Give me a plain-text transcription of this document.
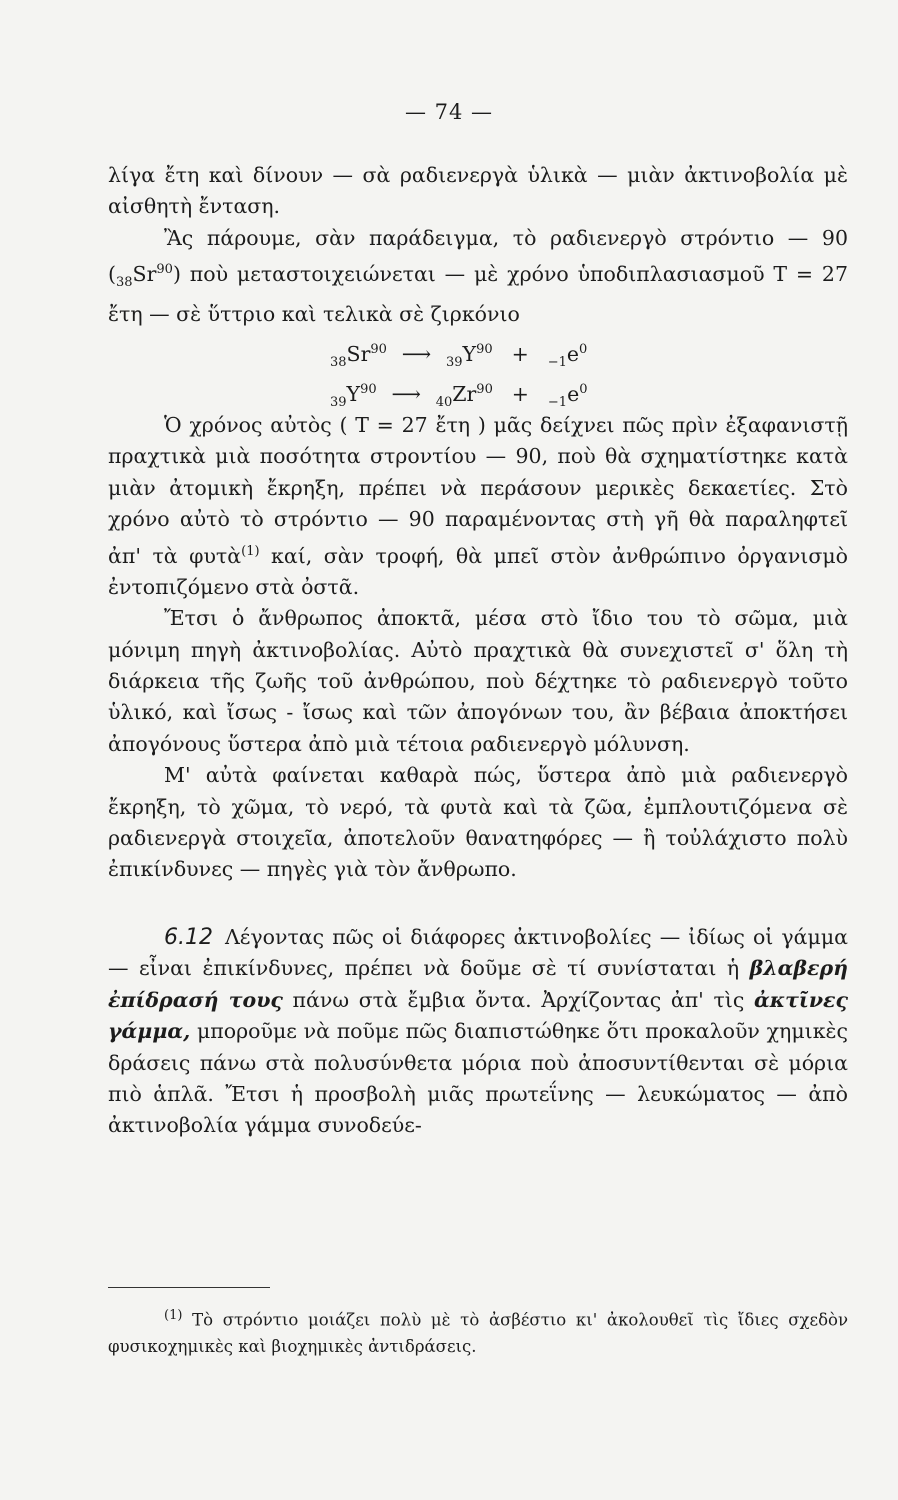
— 74 —

λίγα ἔτη καὶ δίνουν — σὰ ραδιενεργὰ ὑλικὰ — μιὰν ἀκτινοβολία μὲ αἰσθητὴ ἔνταση.

Ἂς πάρουμε, σὰν παράδειγμα, τὸ ραδιενεργὸ στρόντιο — 90 $(_{38}Sr^{90})$ ποὺ μεταστοιχειώνεται — μὲ χρόνο ὑποδιπλασιασμοῦ T = 27 ἔτη — σὲ ὕττριο καὶ τελικὰ σὲ ζιρκόνιο

$_{38}Sr^{90}$ ⟶ $_{39}Y^{90} + _{-1}e^0$
$_{39}Y^{90}$ ⟶ $_{40}Zr^{90} + _{-1}e^0$

Ὁ χρόνος αὐτὸς ( T = 27 ἔτη ) μᾶς δείχνει πῶς πρὶν ἐξαφανιστῇ πραχτικὰ μιὰ ποσότητα στροντίου — 90, ποὺ θὰ σχηματίστηκε κατὰ μιὰν ἀτομικὴ ἔκρηξη, πρέπει νὰ περάσουν μερικὲς δεκαετίες. Στὸ χρόνο αὐτὸ τὸ στρόντιο — 90 παραμένοντας στὴ γῆ θὰ παραληφτεῖ ἀπ' τὰ φυτὰ$^{(1)}$ καί, σὰν τροφή, θὰ μπεῖ στὸν ἀνθρώπινο ὀργανισμὸ ἐντοπιζόμενο στὰ ὀστᾶ.

Ἔτσι ὁ ἄνθρωπος ἀποκτᾶ, μέσα στὸ ἴδιο του τὸ σῶμα, μιὰ μόνιμη πηγὴ ἀκτινοβολίας. Αὐτὸ πραχτικὰ θὰ συνεχιστεῖ σ' ὅλη τὴ διάρκεια τῆς ζωῆς τοῦ ἀνθρώπου, ποὺ δέχτηκε τὸ ραδιενεργὸ τοῦτο ὑλικό, καὶ ἴσως - ἴσως καὶ τῶν ἀπογόνων του, ἂν βέβαια ἀποκτήσει ἀπογόνους ὕστερα ἀπὸ μιὰ τέτοια ραδιενεργὸ μόλυνση.

Μ' αὐτὰ φαίνεται καθαρὰ πώς, ὕστερα ἀπὸ μιὰ ραδιενεργὸ ἔκρηξη, τὸ χῶμα, τὸ νερό, τὰ φυτὰ καὶ τὰ ζῶα, ἐμπλουτιζόμενα σὲ ραδιενεργὰ στοιχεῖα, ἀποτελοῦν θανατηφόρες — ἢ τοὐλάχιστο πολὺ ἐπικίνδυνες — πηγὲς γιὰ τὸν ἄνθρωπο.

6.12 Λέγοντας πῶς οἱ διάφορες ἀκτινοβολίες — ἰδίως οἱ γάμμα — εἶναι ἐπικίνδυνες, πρέπει νὰ δοῦμε σὲ τί συνίσταται ἡ βλαβερή ἐπίδρασή τους πάνω στὰ ἔμβια ὄντα. Ἀρχίζοντας ἀπ' τὶς ἀκτῖνες γάμμα, μποροῦμε νὰ ποῦμε πῶς διαπιστώθηκε ὅτι προκαλοῦν χημικὲς δράσεις πάνω στὰ πολυσύνθετα μόρια ποὺ ἀποσυντίθενται σὲ μόρια πιὸ ἁπλᾶ. Ἔτσι ἡ προσβολὴ μιᾶς πρωτεΐνης — λευκώματος — ἀπὸ ἀκτινοβολία γάμμα συνοδεύε-

$^{(1)}$ Τὸ στρόντιο μοιάζει πολὺ μὲ τὸ ἀσβέστιο κι' ἀκολουθεῖ τὶς ἴδιες σχεδὸν φυσικοχημικὲς καὶ βιοχημικὲς ἀντιδράσεις.
